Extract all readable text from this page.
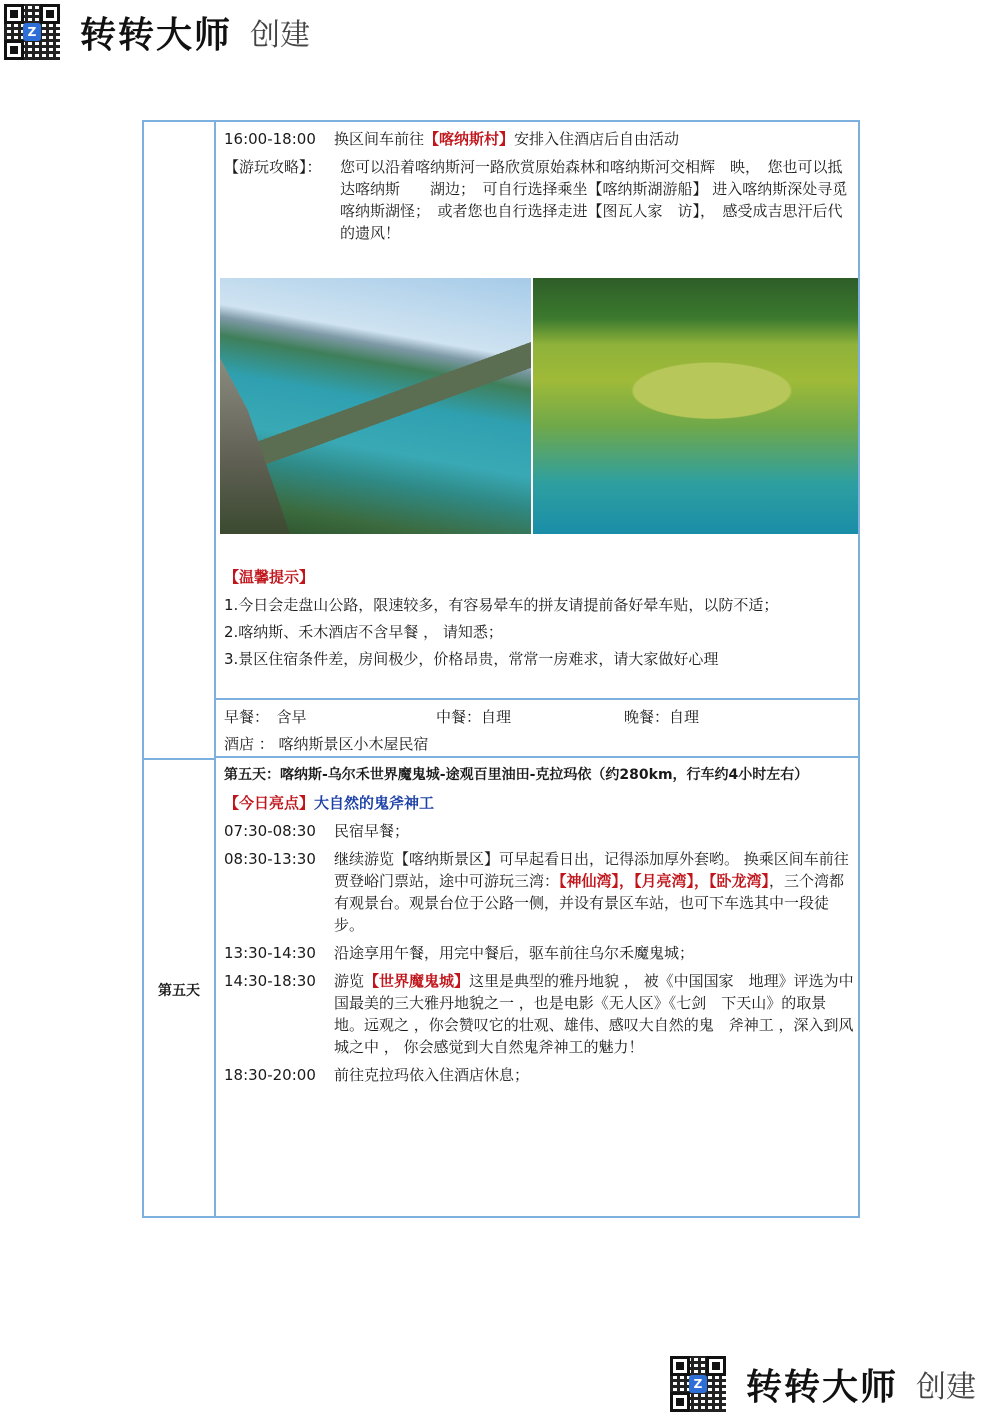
Z 转转大师 创建
16:00-18:00	换区间车前往【喀纳斯村】安排入住酒店后自由活动
【游玩攻略】：	您可以沿着喀纳斯河一路欣赏原始森林和喀纳斯河交相辉　映，　您也可以抵达喀纳斯　　湖边；　可自行选择乘坐【喀纳斯湖游船】 进入喀纳斯深处寻觅喀纳斯湖怪；　或者您也自行选择走进【图瓦人家　访】，　感受成吉思汗后代的遗风！
【温馨提示】
1.今日会走盘山公路，限速较多，有容易晕车的拼友请提前备好晕车贴，以防不适；
2.喀纳斯、禾木酒店不含早餐 ， 请知悉；
3.景区住宿条件差，房间极少，价格昂贵，常常一房难求，请大家做好心理
早餐：　含早	中餐：自理	晚餐：自理
酒店 ： 喀纳斯景区小木屋民宿
第五天
第五天：喀纳斯-乌尔禾世界魔鬼城-途观百里油田-克拉玛依（约280km，行车约4小时左右）
【今日亮点】大自然的鬼斧神工
07:30-08:30	民宿早餐；
08:30-13:30	继续游览【喀纳斯景区】可早起看日出，记得添加厚外套哟。 换乘区间车前往贾登峪门票站，途中可游玩三湾：【神仙湾】，【月亮湾】，【卧龙湾】，三个湾都有观景台。观景台位于公路一侧，并设有景区车站，也可下车选其中一段徒步。
13:30-14:30	沿途享用午餐，用完中餐后，驱车前往乌尔禾魔鬼城；
14:30-18:30	游览【世界魔鬼城】这里是典型的雅丹地貌 ， 被《中国国家　地理》评选为中国最美的三大雅丹地貌之一 ，也是电影《无人区》《七剑　下天山》的取景地。远观之 ，你会赞叹它的壮观、雄伟、感叹大自然的鬼　斧神工 ，深入到风城之中 ， 你会感觉到大自然鬼斧神工的魅力！
18:30-20:00	前往克拉玛依入住酒店休息；
Z 转转大师 创建
